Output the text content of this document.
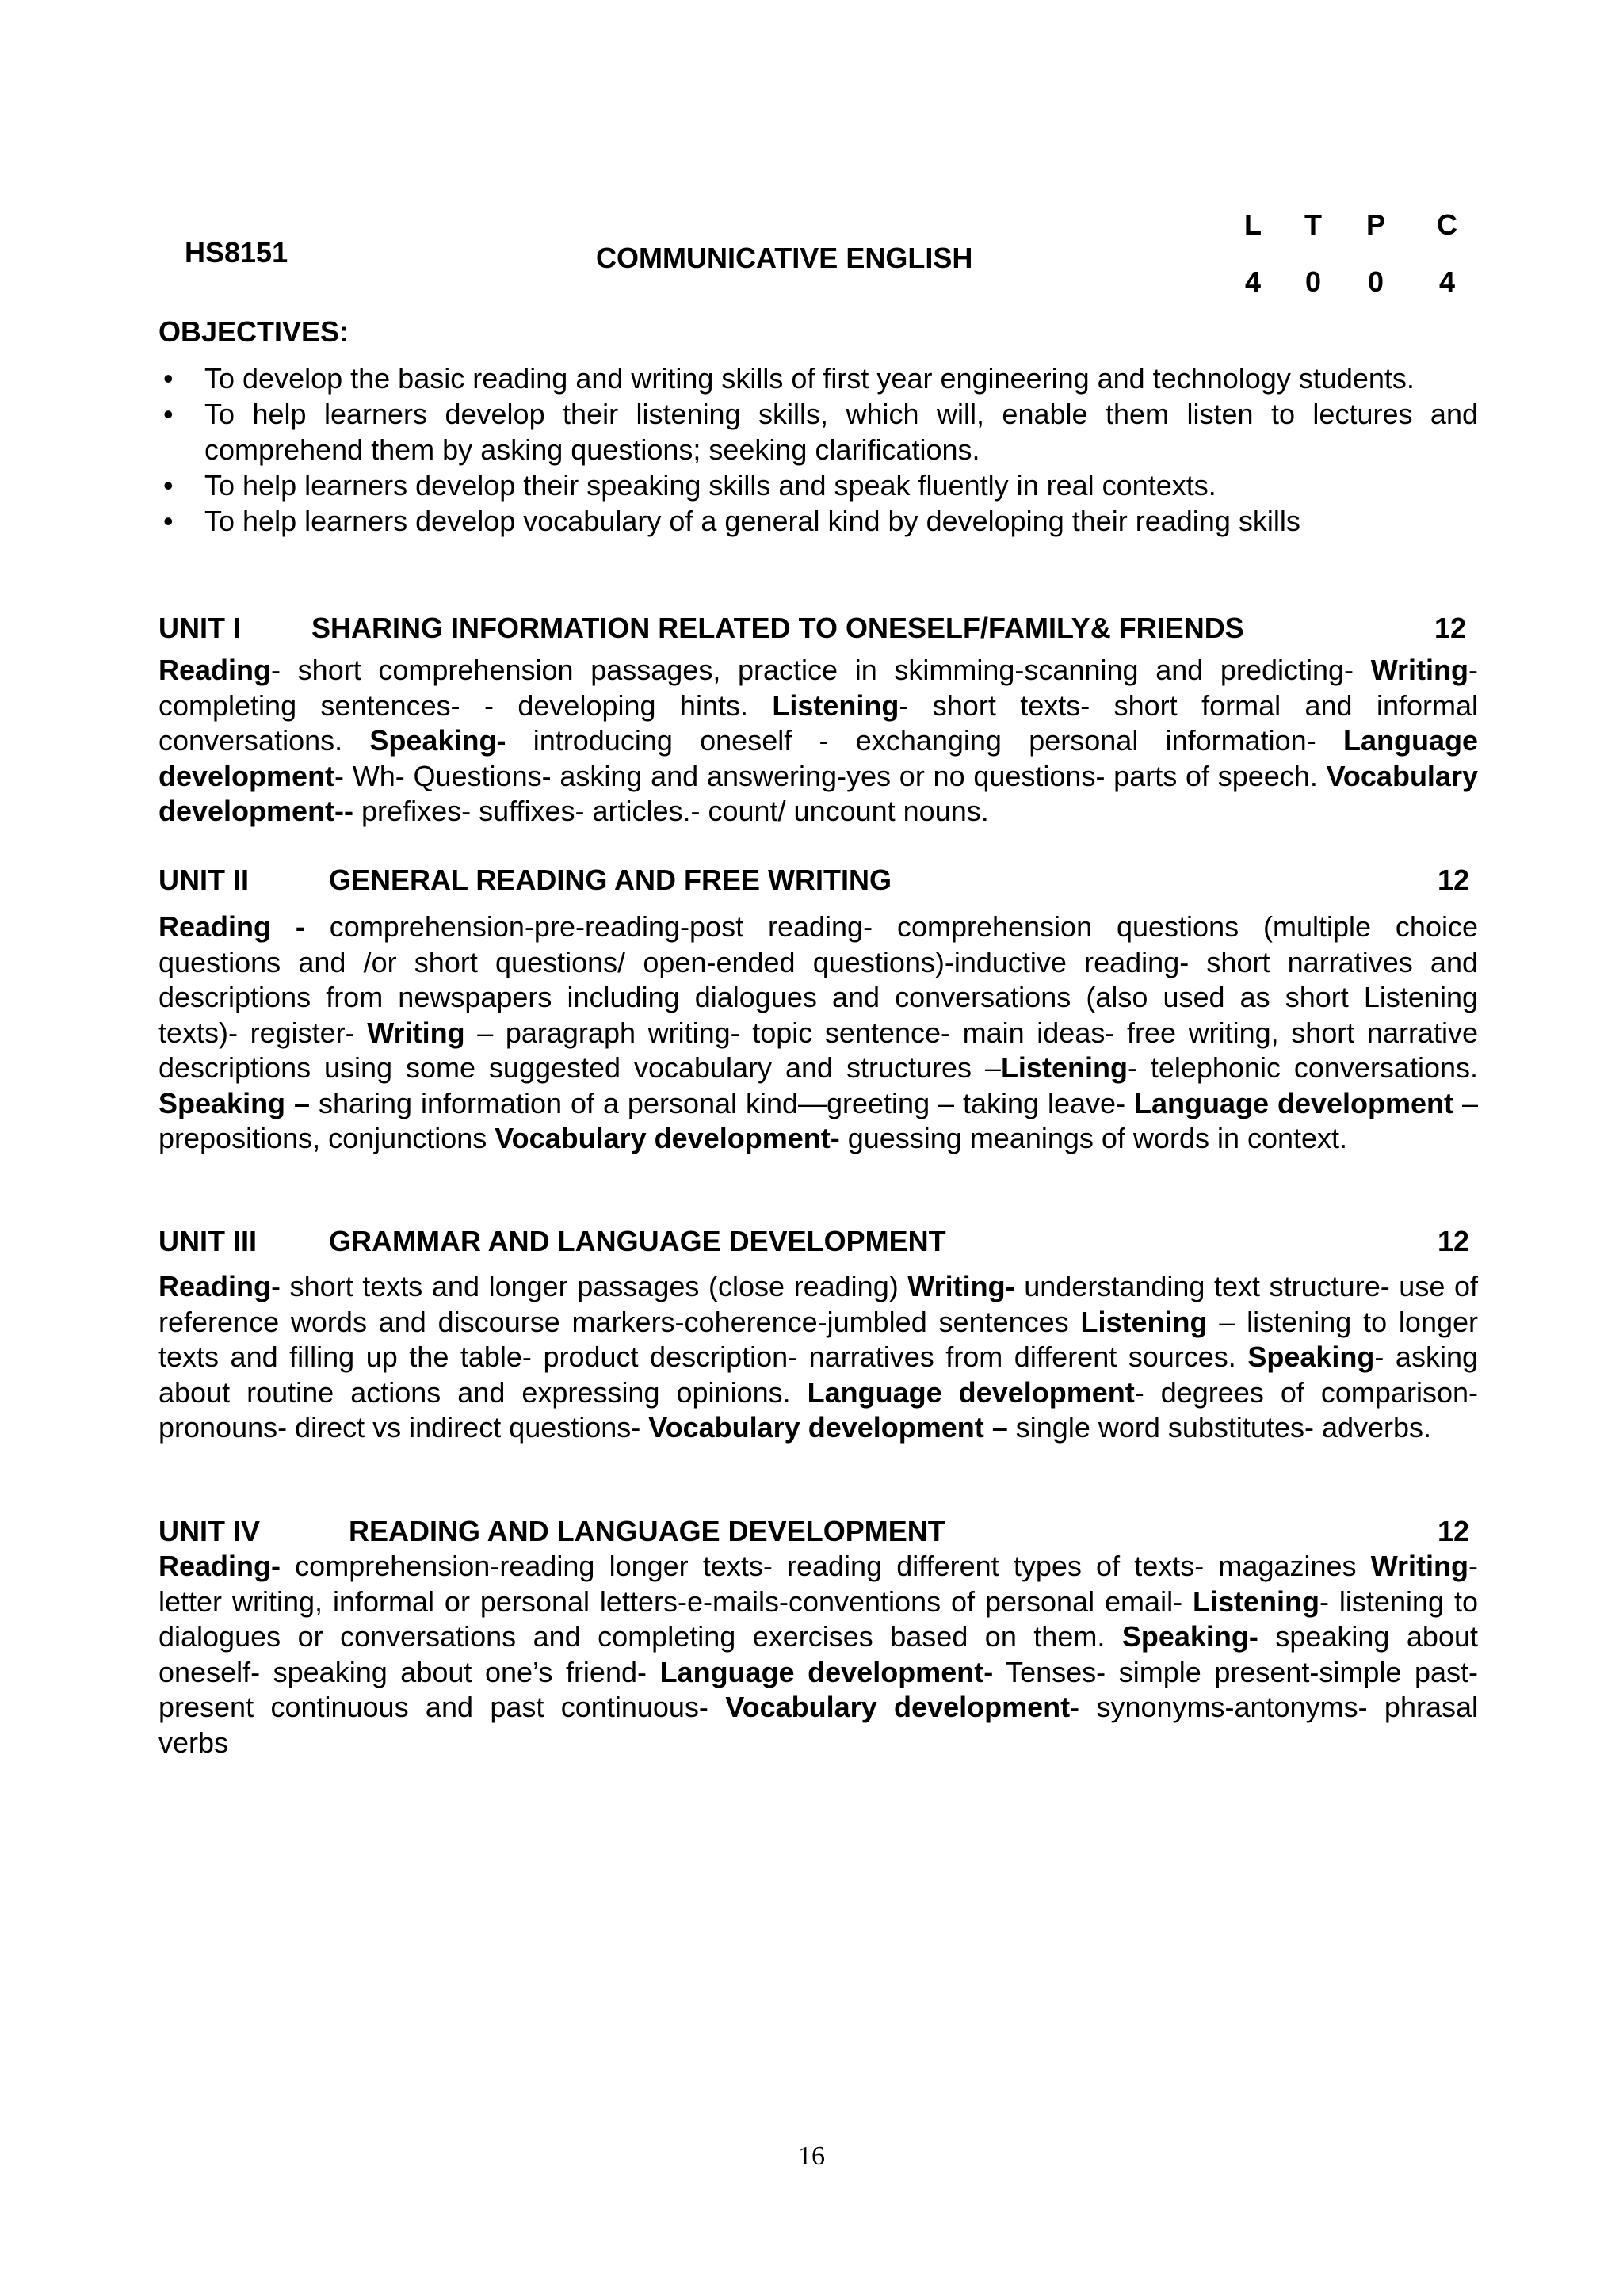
HS8151	COMMUNICATIVE ENGLISH
L T P C
4 0 0 4
OBJECTIVES:
• To develop the basic reading and writing skills of first year engineering and technology students.
• To help learners develop their listening skills, which will, enable them listen to lectures and comprehend them by asking questions; seeking clarifications.
• To help learners develop their speaking skills and speak fluently in real contexts.
• To help learners develop vocabulary of a general kind by developing their reading skills
UNIT I SHARING INFORMATION RELATED TO ONESELF/FAMILY& FRIENDS	12

Reading- short comprehension passages, practice in skimming-scanning and predicting- Writing- completing sentences- - developing hints. Listening- short texts- short formal and informal conversations. Speaking- introducing oneself - exchanging personal information- Language development- Wh- Questions- asking and answering-yes or no questions- parts of speech. Vocabulary development-- prefixes- suffixes- articles.- count/ uncount nouns.

UNIT II	GENERAL READING AND FREE WRITING	12

Reading - comprehension-pre-reading-post reading- comprehension questions (multiple choice questions and /or short questions/ open-ended questions)-inductive reading- short narratives and descriptions from newspapers including dialogues and conversations (also used as short Listening texts)- register- Writing – paragraph writing- topic sentence- main ideas- free writing, short narrative descriptions using some suggested vocabulary and structures –Listening- telephonic conversations. Speaking – sharing information of a personal kind—greeting – taking leave- Language development – prepositions, conjunctions Vocabulary development- guessing meanings of words in context.

UNIT III	GRAMMAR AND LANGUAGE DEVELOPMENT	12

Reading- short texts and longer passages (close reading) Writing- understanding text structure- use of reference words and discourse markers-coherence-jumbled sentences Listening – listening to longer texts and filling up the table- product description- narratives from different sources. Speaking- asking about routine actions and expressing opinions. Language development- degrees of comparison- pronouns- direct vs indirect questions- Vocabulary development – single word substitutes- adverbs.

UNIT IV	READING AND LANGUAGE DEVELOPMENT	12

Reading- comprehension-reading longer texts- reading different types of texts- magazines Writing- letter writing, informal or personal letters-e-mails-conventions of personal email- Listening- listening to dialogues or conversations and completing exercises based on them. Speaking- speaking about oneself- speaking about one’s friend- Language development- Tenses- simple present-simple past- present continuous and past continuous- Vocabulary development- synonyms-antonyms- phrasal verbs

16
